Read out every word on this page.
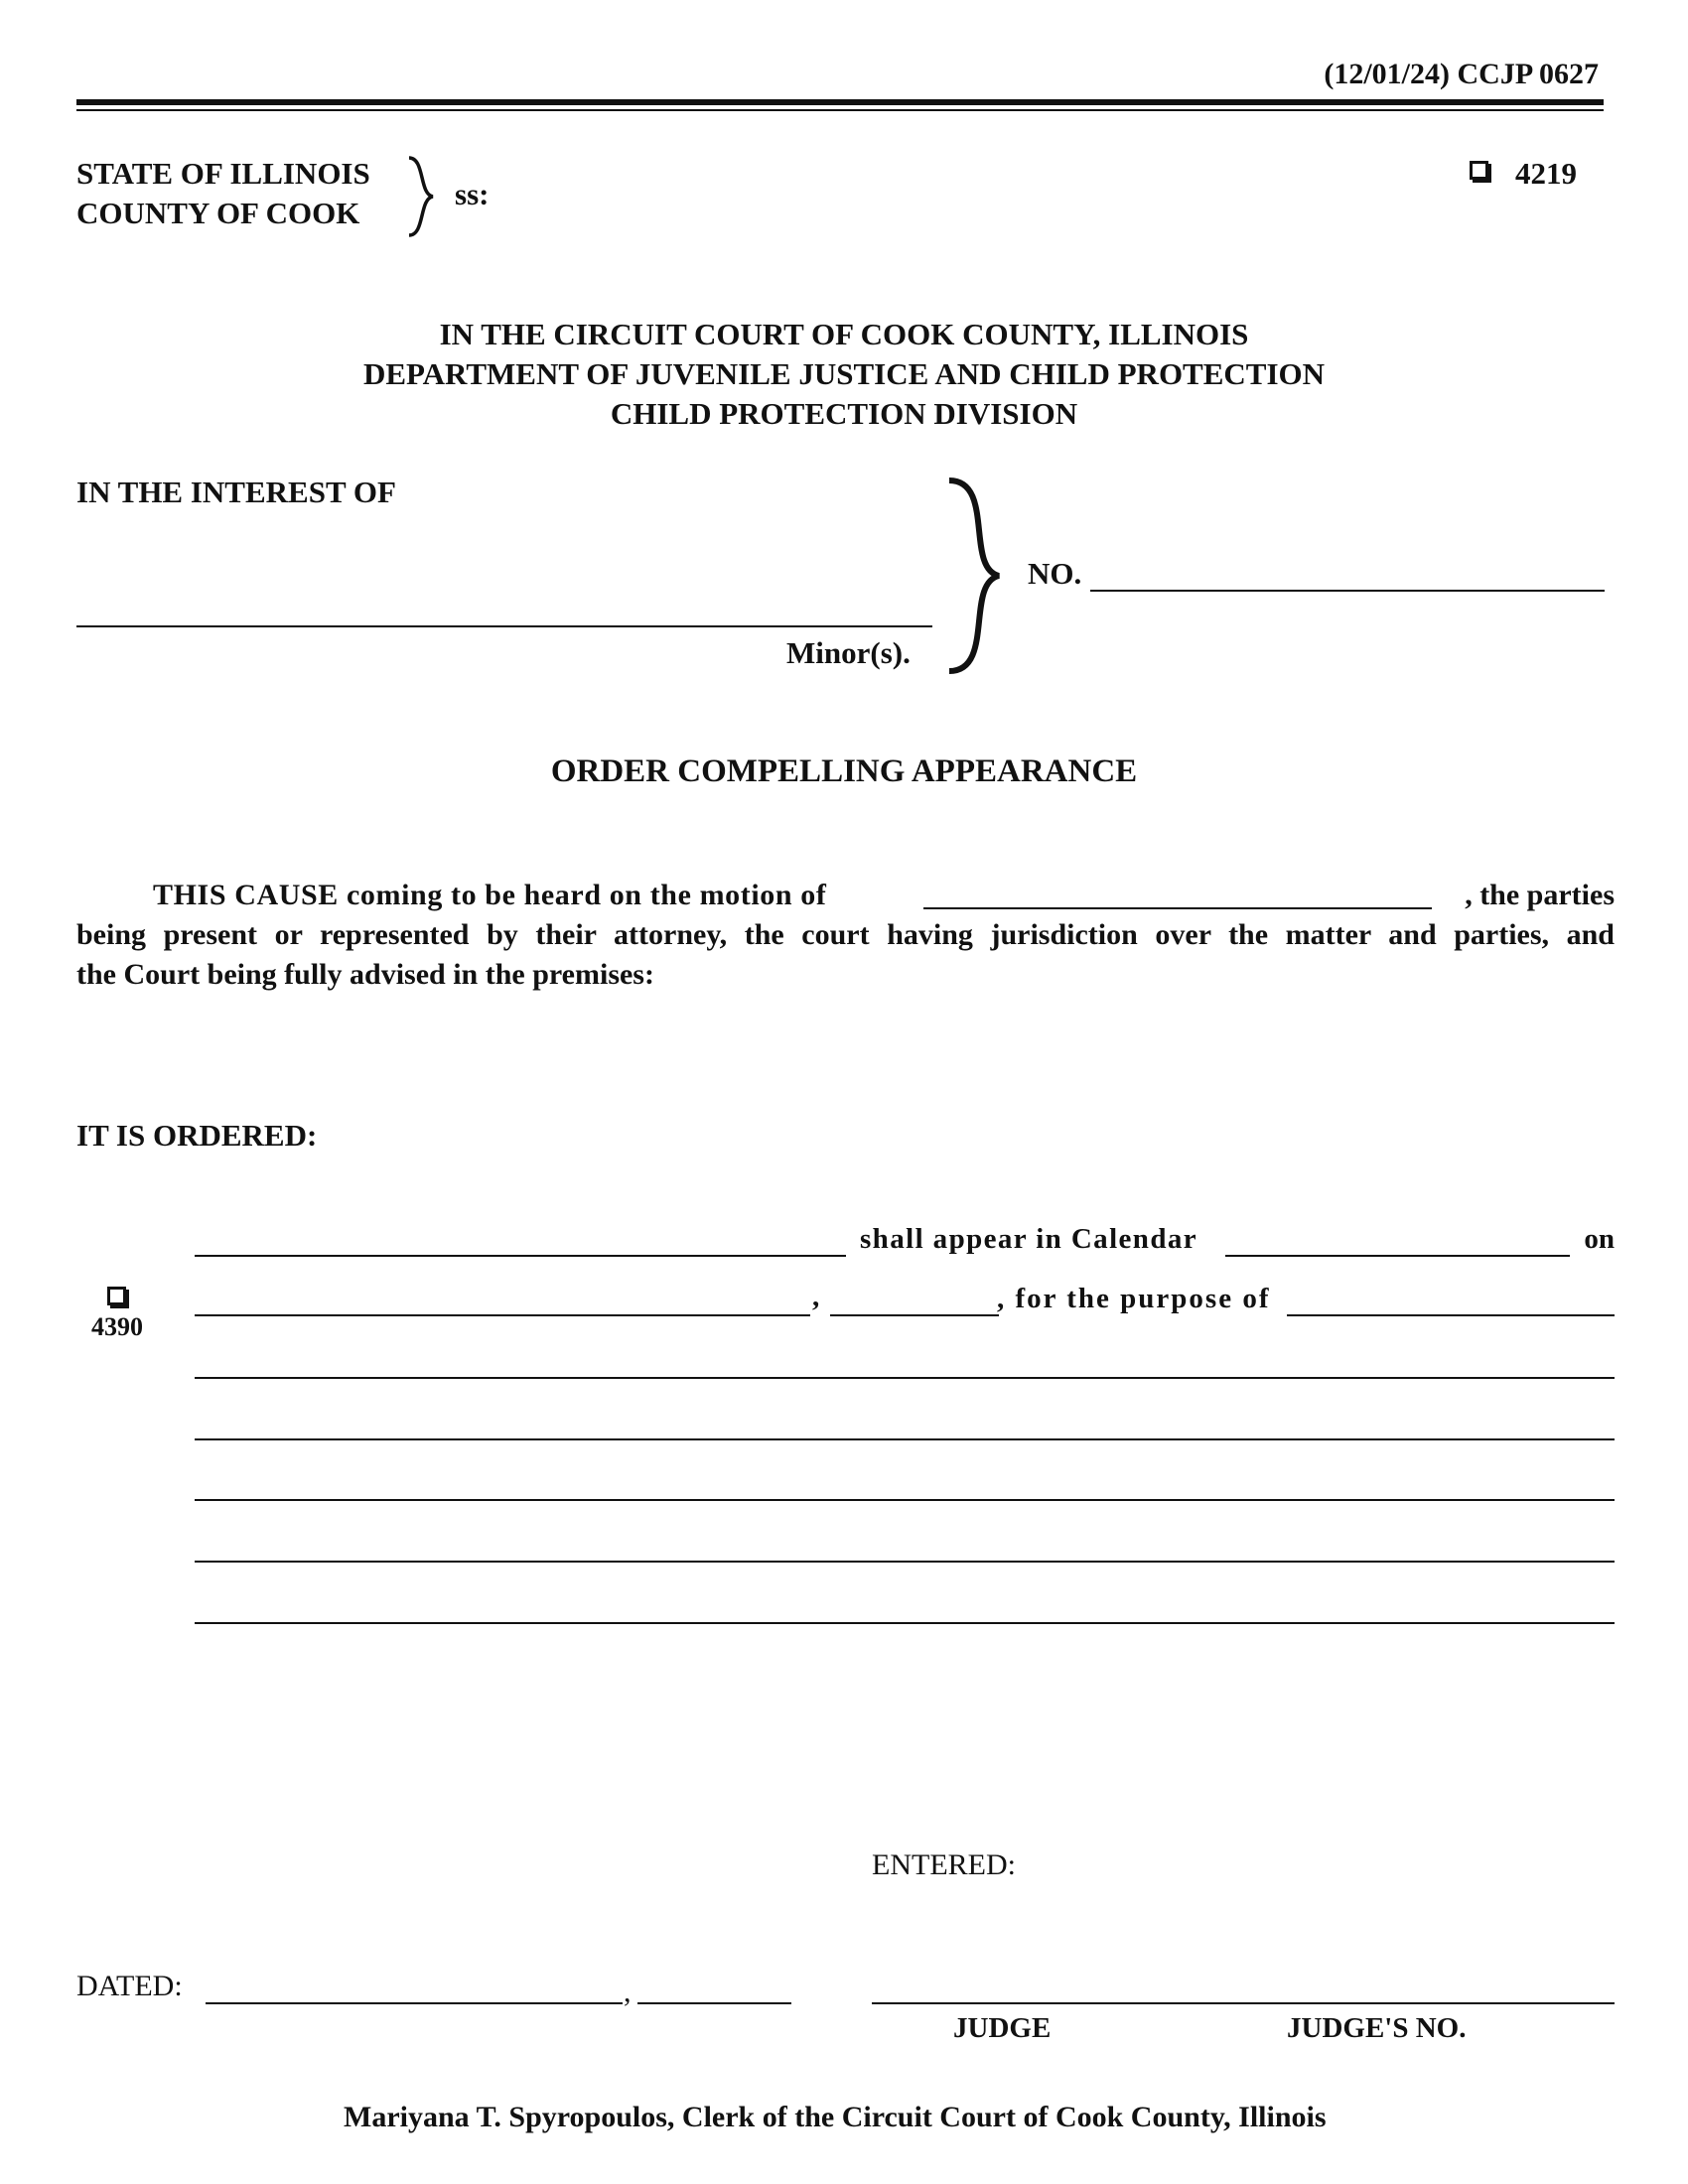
(12/01/24) CCJP 0627
STATE OF ILLINOIS
COUNTY OF COOK
ss:
4219
IN THE CIRCUIT COURT OF COOK COUNTY, ILLINOIS
DEPARTMENT OF JUVENILE JUSTICE AND CHILD PROTECTION
CHILD PROTECTION DIVISION
IN THE INTEREST OF
Minor(s).
NO.
ORDER COMPELLING APPEARANCE
THIS CAUSE coming to be heard on the motion of	, the parties
being present or represented by their attorney, the court having jurisdiction over the matter and parties, and
the Court being fully advised in the premises:
IT IS ORDERED:
shall appear in Calendar	on
4390
,	, for the purpose of
ENTERED:
DATED:	,
JUDGE	JUDGE'S NO.
Mariyana T. Spyropoulos, Clerk of the Circuit Court of Cook County, Illinois
